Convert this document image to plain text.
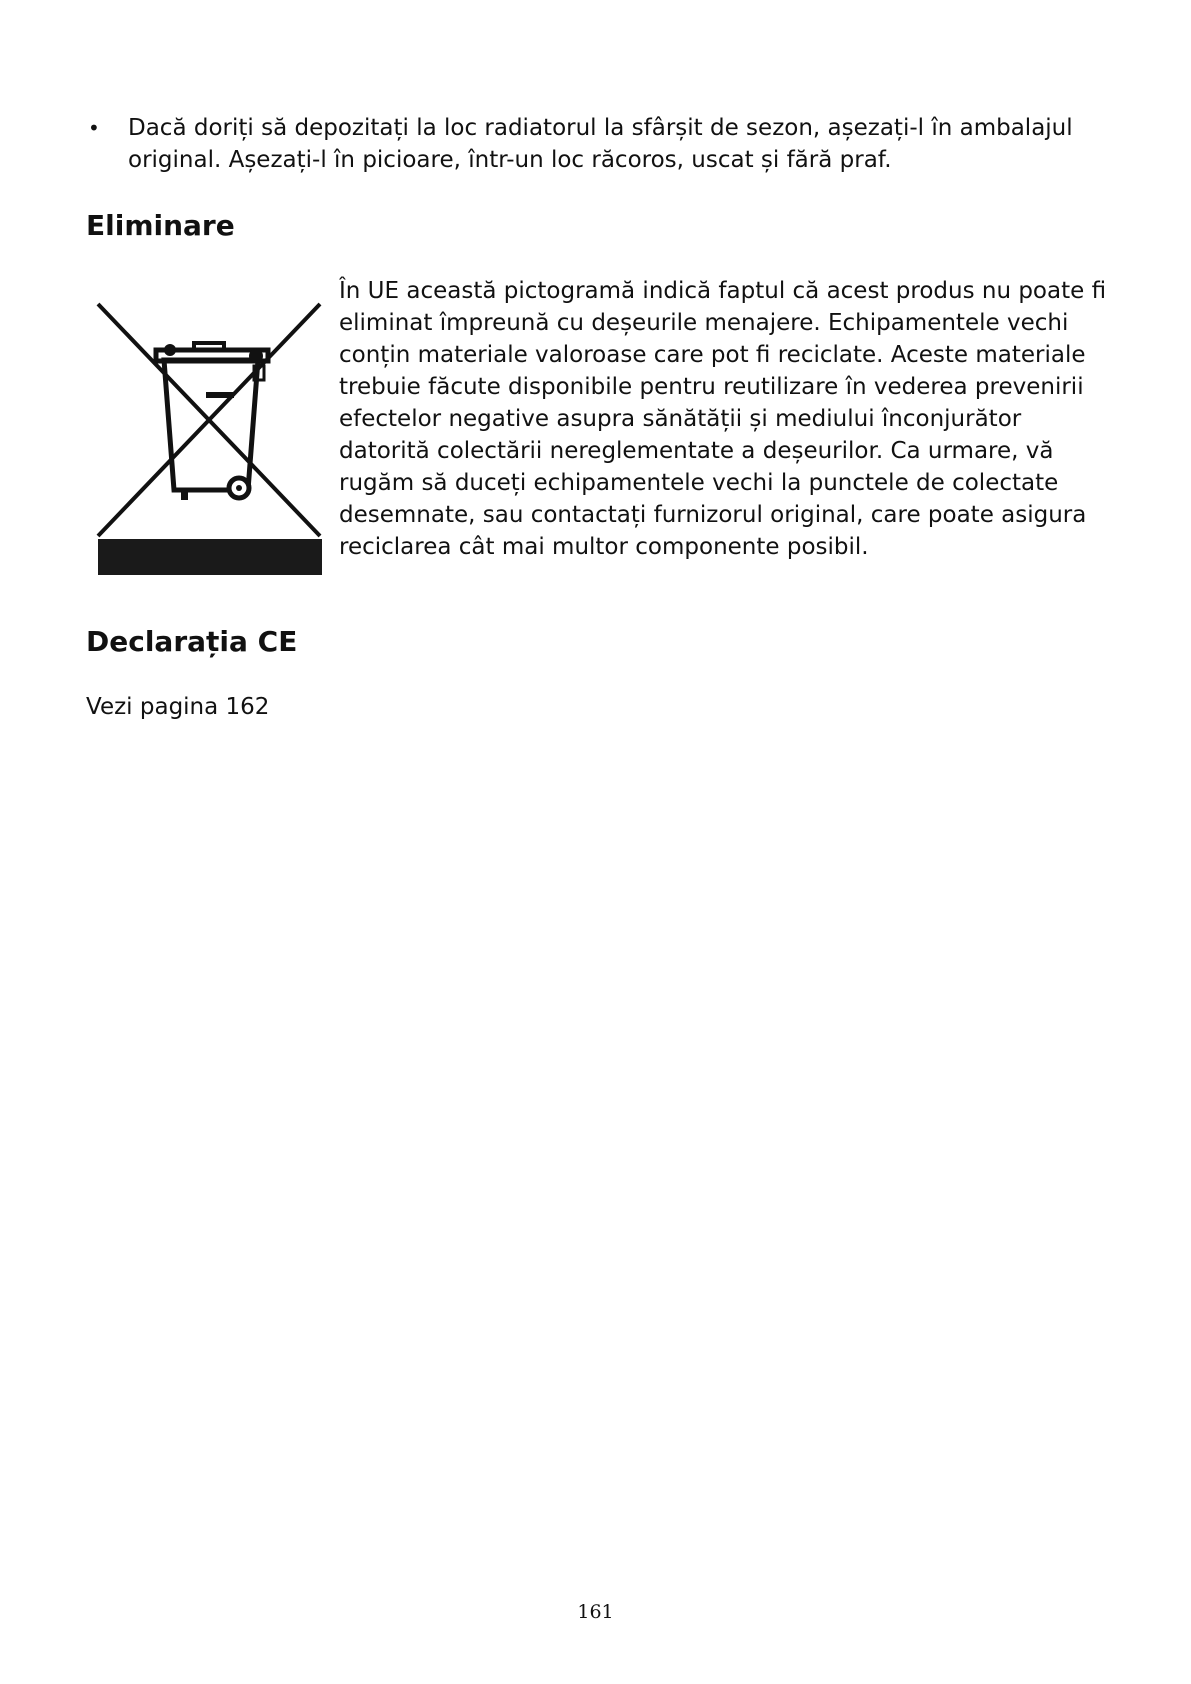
• Dacă doriți să depozitați la loc radiatorul la sfârșit de sezon, așezați-l în ambalajul original. Așezați-l în picioare, într-un loc răcoros, uscat și fără praf.
Eliminare

În UE această pictogramă indică faptul că acest produs nu poate fi eliminat împreună cu deșeurile menajere. Echipamentele vechi conțin materiale valoroase care pot fi reciclate. Aceste materiale trebuie făcute disponibile pentru reutilizare în vederea prevenirii efectelor negative asupra sănătății și mediului înconjurător datorită colectării nereglementate a deșeurilor. Ca urmare, vă rugăm să duceți echipamentele vechi la punctele de colectate desemnate, sau contactați furnizorul original, care poate asigura reciclarea cât mai multor componente posibil.

Declarația CE

Vezi pagina 162

161
